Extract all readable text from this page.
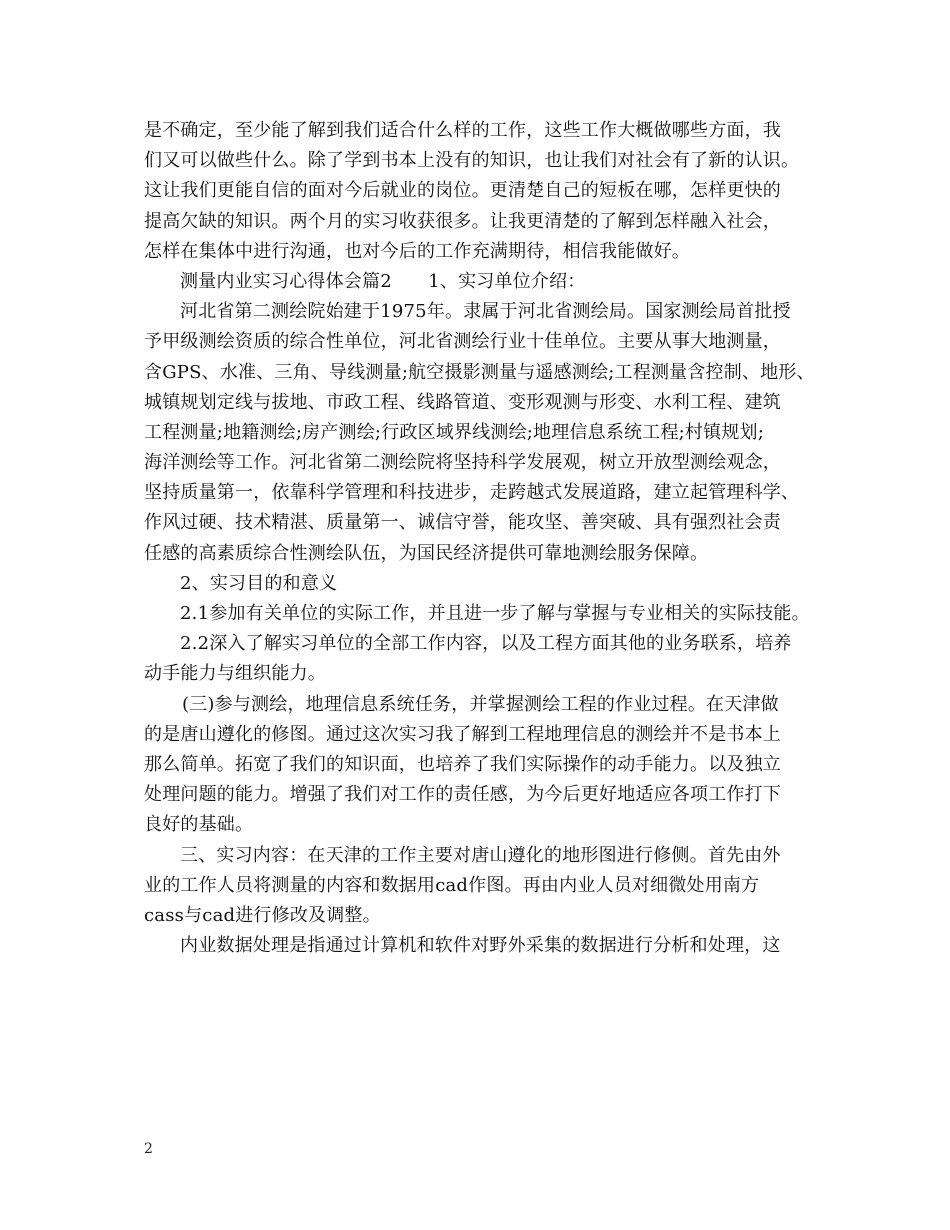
是不确定，至少能了解到我们适合什么样的工作，这些工作大概做哪些方面，我
们又可以做些什么。除了学到书本上没有的知识，也让我们对社会有了新的认识。
这让我们更能自信的面对今后就业的岗位。更清楚自己的短板在哪，怎样更快的
提高欠缺的知识。两个月的实习收获很多。让我更清楚的了解到怎样融入社会，
怎样在集体中进行沟通，也对今后的工作充满期待，相信我能做好。
测量内业实习心得体会篇2　　1、实习单位介绍：
河北省第二测绘院始建于1975年。隶属于河北省测绘局。国家测绘局首批授
予甲级测绘资质的综合性单位，河北省测绘行业十佳单位。主要从事大地测量，
含GPS、水准、三角、导线测量;航空摄影测量与遥感测绘;工程测量含控制、地形、
城镇规划定线与拔地、市政工程、线路管道、变形观测与形变、水利工程、建筑
工程测量;地籍测绘;房产测绘;行政区域界线测绘;地理信息系统工程;村镇规划;
海洋测绘等工作。河北省第二测绘院将坚持科学发展观，树立开放型测绘观念，
坚持质量第一，依靠科学管理和科技进步，走跨越式发展道路，建立起管理科学、
作风过硬、技术精湛、质量第一、诚信守誉，能攻坚、善突破、具有强烈社会责
任感的高素质综合性测绘队伍，为国民经济提供可靠地测绘服务保障。
2、实习目的和意义
2.1参加有关单位的实际工作，并且进一步了解与掌握与专业相关的实际技能。
2.2深入了解实习单位的全部工作内容，以及工程方面其他的业务联系，培养
动手能力与组织能力。
(三)参与测绘，地理信息系统任务，并掌握测绘工程的作业过程。在天津做
的是唐山遵化的修图。通过这次实习我了解到工程地理信息的测绘并不是书本上
那么简单。拓宽了我们的知识面，也培养了我们实际操作的动手能力。以及独立
处理问题的能力。增强了我们对工作的责任感，为今后更好地适应各项工作打下
良好的基础。
三、实习内容：在天津的工作主要对唐山遵化的地形图进行修侧。首先由外
业的工作人员将测量的内容和数据用cad作图。再由内业人员对细微处用南方
cass与cad进行修改及调整。
内业数据处理是指通过计算机和软件对野外采集的数据进行分析和处理，这
2
